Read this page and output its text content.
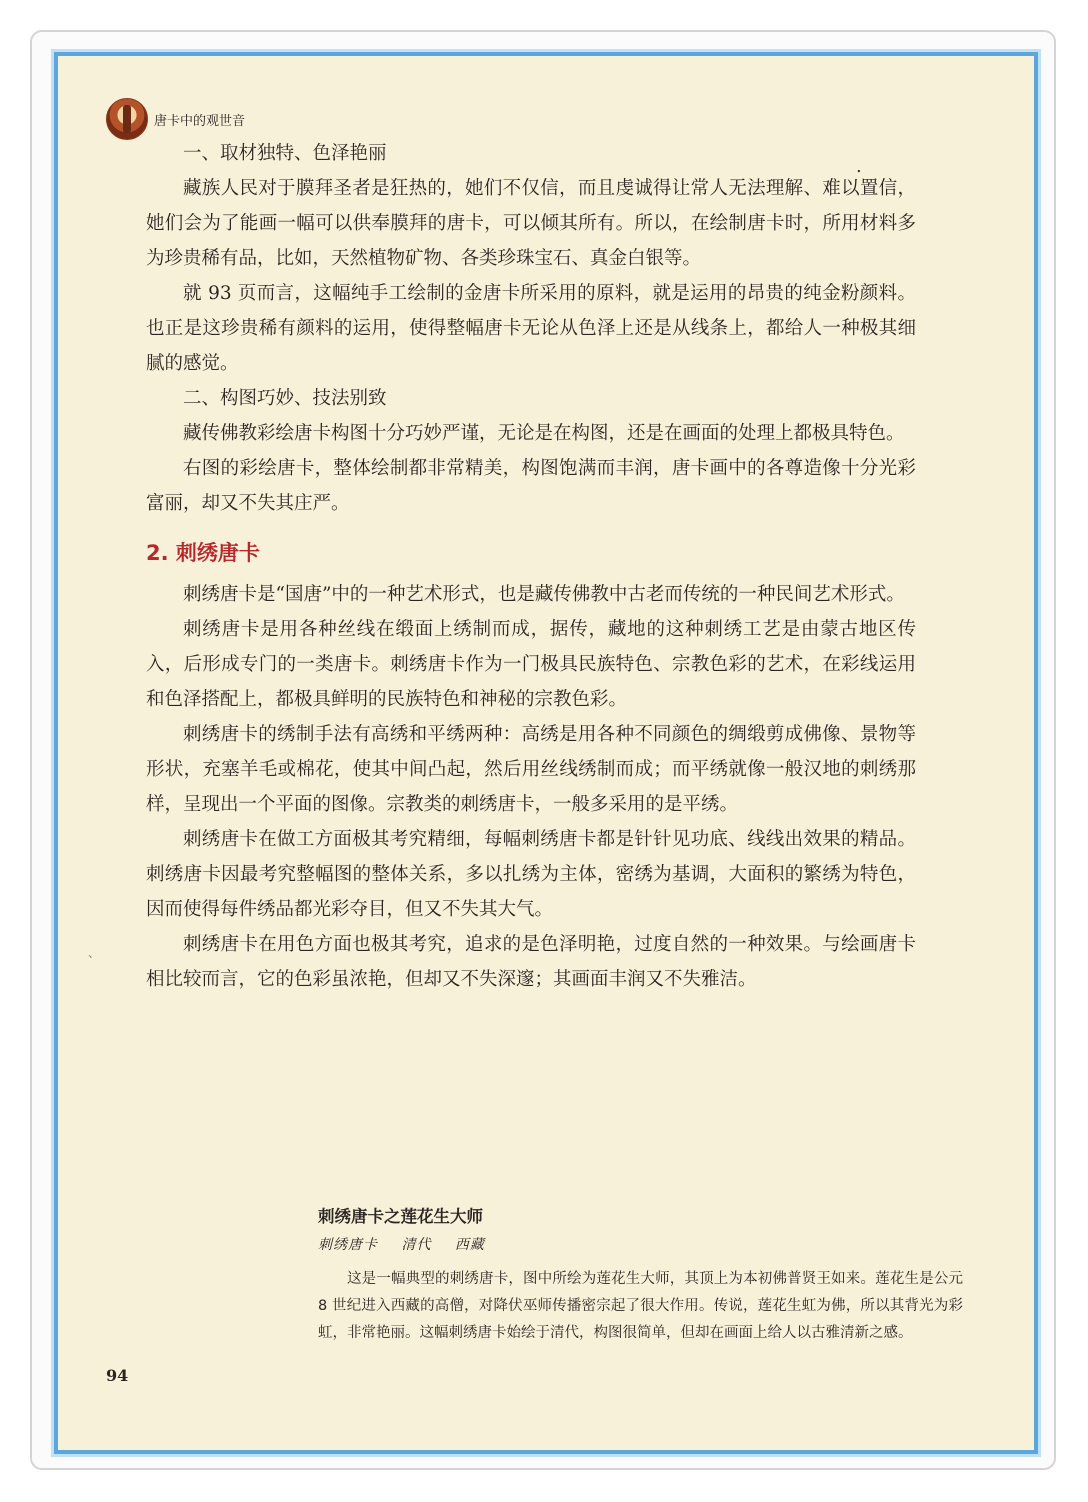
唐卡中的观世音
.
、

一、取材独特、色泽艳丽

藏族人民对于膜拜圣者是狂热的，她们不仅信，而且虔诚得让常人无法理解、难以置信，她们会为了能画一幅可以供奉膜拜的唐卡，可以倾其所有。所以，在绘制唐卡时，所用材料多为珍贵稀有品，比如，天然植物矿物、各类珍珠宝石、真金白银等。

就 93 页而言，这幅纯手工绘制的金唐卡所采用的原料，就是运用的昂贵的纯金粉颜料。也正是这珍贵稀有颜料的运用，使得整幅唐卡无论从色泽上还是从线条上，都给人一种极其细腻的感觉。

二、构图巧妙、技法别致

藏传佛教彩绘唐卡构图十分巧妙严谨，无论是在构图，还是在画面的处理上都极具特色。

右图的彩绘唐卡，整体绘制都非常精美，构图饱满而丰润，唐卡画中的各尊造像十分光彩富丽，却又不失其庄严。

2. 刺绣唐卡

刺绣唐卡是“国唐”中的一种艺术形式，也是藏传佛教中古老而传统的一种民间艺术形式。

刺绣唐卡是用各种丝线在缎面上绣制而成，据传，藏地的这种刺绣工艺是由蒙古地区传入，后形成专门的一类唐卡。刺绣唐卡作为一门极具民族特色、宗教色彩的艺术，在彩线运用和色泽搭配上，都极具鲜明的民族特色和神秘的宗教色彩。

刺绣唐卡的绣制手法有高绣和平绣两种：高绣是用各种不同颜色的绸缎剪成佛像、景物等形状，充塞羊毛或棉花，使其中间凸起，然后用丝线绣制而成；而平绣就像一般汉地的刺绣那样，呈现出一个平面的图像。宗教类的刺绣唐卡，一般多采用的是平绣。

刺绣唐卡在做工方面极其考究精细，每幅刺绣唐卡都是针针见功底、线线出效果的精品。刺绣唐卡因最考究整幅图的整体关系，多以扎绣为主体，密绣为基调，大面积的繁绣为特色，因而使得每件绣品都光彩夺目，但又不失其大气。

刺绣唐卡在用色方面也极其考究，追求的是色泽明艳，过度自然的一种效果。与绘画唐卡相比较而言，它的色彩虽浓艳，但却又不失深邃；其画面丰润又不失雅洁。

刺绣唐卡之莲花生大师
刺绣唐卡 清代 西藏

这是一幅典型的刺绣唐卡，图中所绘为莲花生大师，其顶上为本初佛普贤王如来。莲花生是公元 8 世纪进入西藏的高僧，对降伏巫师传播密宗起了很大作用。传说，莲花生虹为佛，所以其背光为彩虹，非常艳丽。这幅刺绣唐卡始绘于清代，构图很简单，但却在画面上给人以古雅清新之感。

94
